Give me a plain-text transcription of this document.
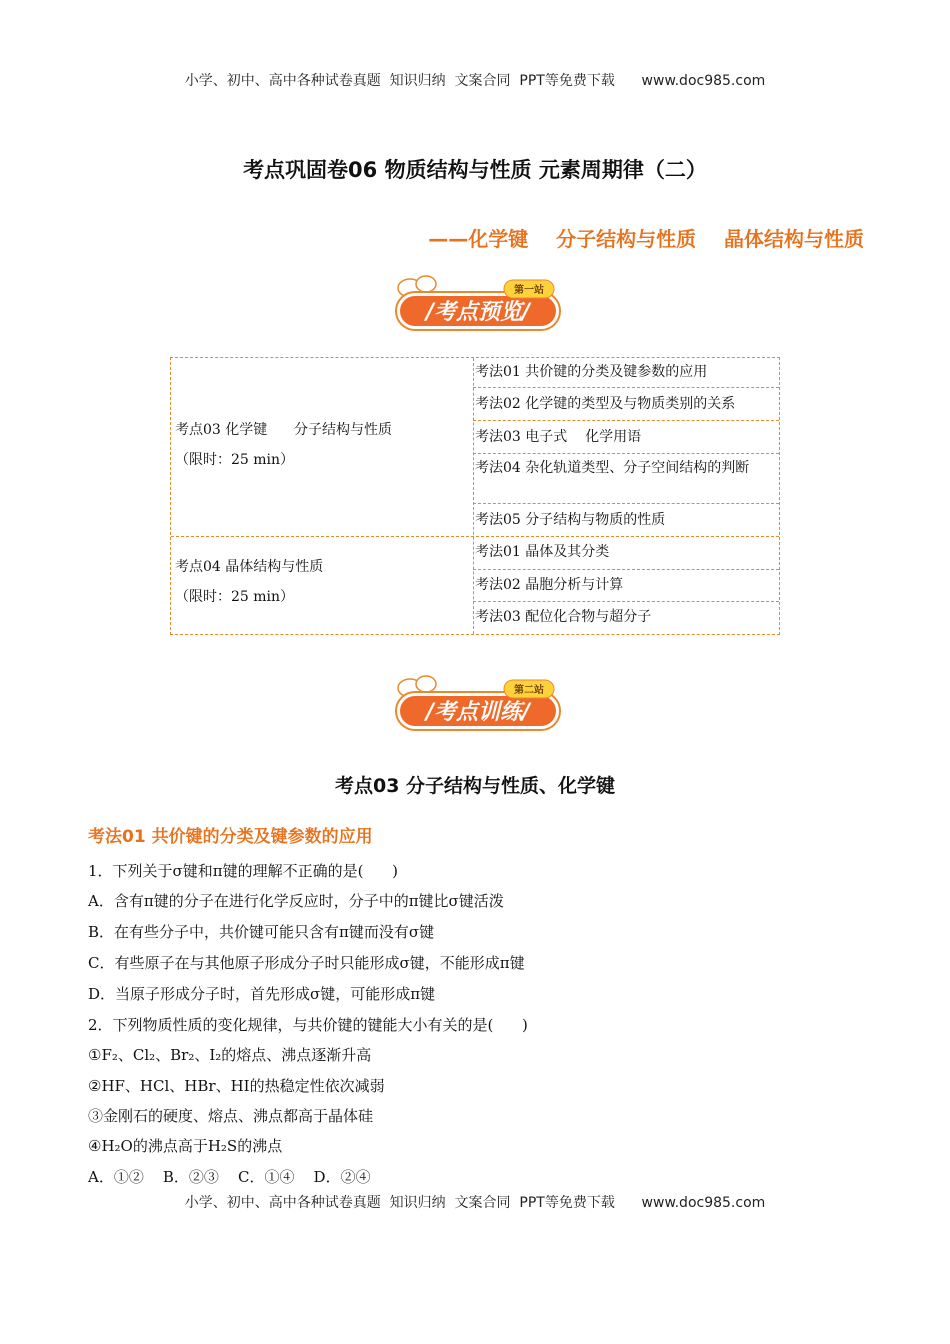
小学、初中、高中各种试卷真题  知识归纳  文案合同  PPT等免费下载      www.doc985.com
考点巩固卷06 物质结构与性质 元素周期律（二）
——化学键    分子结构与性质    晶体结构与性质
第一站
/考点预览/
考点03 化学键      分子结构与性质
（限时：25 min）
考点04 晶体结构与性质
（限时：25 min）
考法01 共价键的分类及键参数的应用
考法02 化学键的类型及与物质类别的关系
考法03 电子式    化学用语
考法04 杂化轨道类型、分子空间结构的判断
考法05 分子结构与物质的性质
考法01 晶体及其分类
考法02 晶胞分析与计算
考法03 配位化合物与超分子
第二站
/考点训练/
考点03 分子结构与性质、化学键
考法01 共价键的分类及键参数的应用
1．下列关于σ键和π键的理解不正确的是(      )
A．含有π键的分子在进行化学反应时，分子中的π键比σ键活泼
B．在有些分子中，共价键可能只含有π键而没有σ键
C．有些原子在与其他原子形成分子时只能形成σ键，不能形成π键
D．当原子形成分子时，首先形成σ键，可能形成π键
2．下列物质性质的变化规律，与共价键的键能大小有关的是(      )
①F₂、Cl₂、Br₂、I₂的熔点、沸点逐渐升高
②HF、HCl、HBr、HI的热稳定性依次减弱
③金刚石的硬度、熔点、沸点都高于晶体硅
④H₂O的沸点高于H₂S的沸点
A．①②    B．②③    C．①④    D．②④
小学、初中、高中各种试卷真题  知识归纳  文案合同  PPT等免费下载      www.doc985.com
